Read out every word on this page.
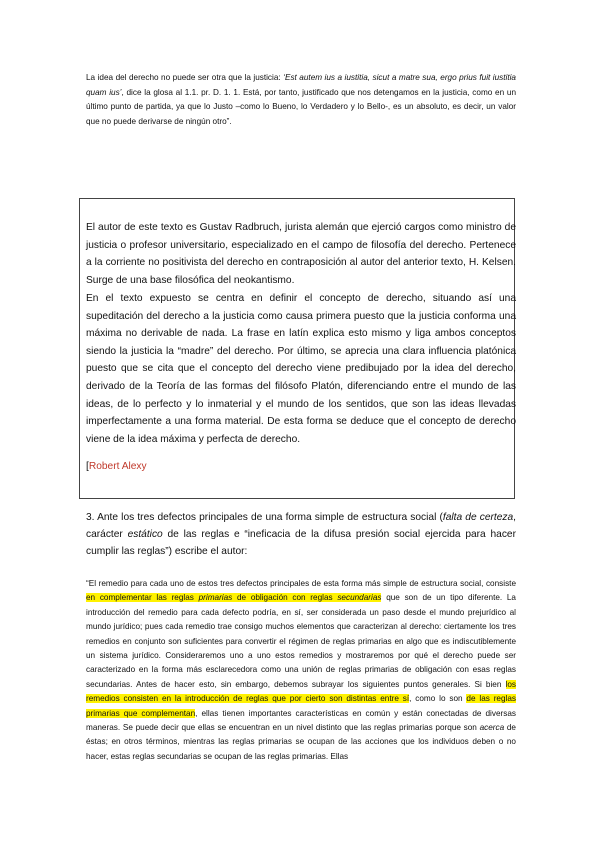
La idea del derecho no puede ser otra que la justicia: ‘Est autem ius a iustitia, sicut a matre sua, ergo prius fuit iustitia quam ius’, dice la glosa al 1.1. pr. D. 1. 1. Está, por tanto, justificado que nos detengamos en la justicia, como en un último punto de partida, ya que lo Justo –como lo Bueno, lo Verdadero y lo Bello-, es un absoluto, es decir, un valor que no puede derivarse de ningún otro”.
El autor de este texto es Gustav Radbruch, jurista alemán que ejerció cargos como ministro de justicia o profesor universitario, especializado en el campo de filosofía del derecho. Pertenece a la corriente no positivista del derecho en contraposición al autor del anterior texto, H. Kelsen. Surge de una base filosófica del neokantismo.
En el texto expuesto se centra en definir el concepto de derecho, situando así una supeditación del derecho a la justicia como causa primera puesto que la justicia conforma una máxima no derivable de nada. La frase en latín explica esto mismo y liga ambos conceptos siendo la justicia la “madre” del derecho. Por último, se aprecia una clara influencia platónica puesto que se cita que el concepto del derecho viene predibujado por la idea del derecho, derivado de la Teoría de las formas del filósofo Platón, diferenciando entre el mundo de las ideas, de lo perfecto y lo inmaterial y el mundo de los sentidos, que son las ideas llevadas imperfectamente a una forma material. De esta forma se deduce que el concepto de derecho viene de la idea máxima y perfecta de derecho.
[Robert Alexy
3. Ante los tres defectos principales de una forma simple de estructura social (falta de certeza, carácter estático de las reglas e “ineficacia de la difusa presión social ejercida para hacer cumplir las reglas”) escribe el autor:
“El remedio para cada uno de estos tres defectos principales de esta forma más simple de estructura social, consiste en complementar las reglas primarias de obligación con reglas secundarias que son de un tipo diferente. La introducción del remedio para cada defecto podría, en sí, ser considerada un paso desde el mundo prejurídico al mundo jurídico; pues cada remedio trae consigo muchos elementos que caracterizan al derecho: ciertamente los tres remedios en conjunto son suficientes para convertir el régimen de reglas primarias en algo que es indiscutiblemente un sistema jurídico. Consideraremos uno a uno estos remedios y mostraremos por qué el derecho puede ser caracterizado en la forma más esclarecedora como una unión de reglas primarias de obligación con esas reglas secundarias. Antes de hacer esto, sin embargo, debemos subrayar los siguientes puntos generales. Si bien los remedios consisten en la introducción de reglas que por cierto son distintas entre sí, como lo son de las reglas primarias que complementan, ellas tienen importantes características en común y están conectadas de diversas maneras. Se puede decir que ellas se encuentran en un nivel distinto que las reglas primarias porque son acerca de éstas; en otros términos, mientras las reglas primarias se ocupan de las acciones que los individuos deben o no hacer, estas reglas secundarias se ocupan de las reglas primarias. Ellas
